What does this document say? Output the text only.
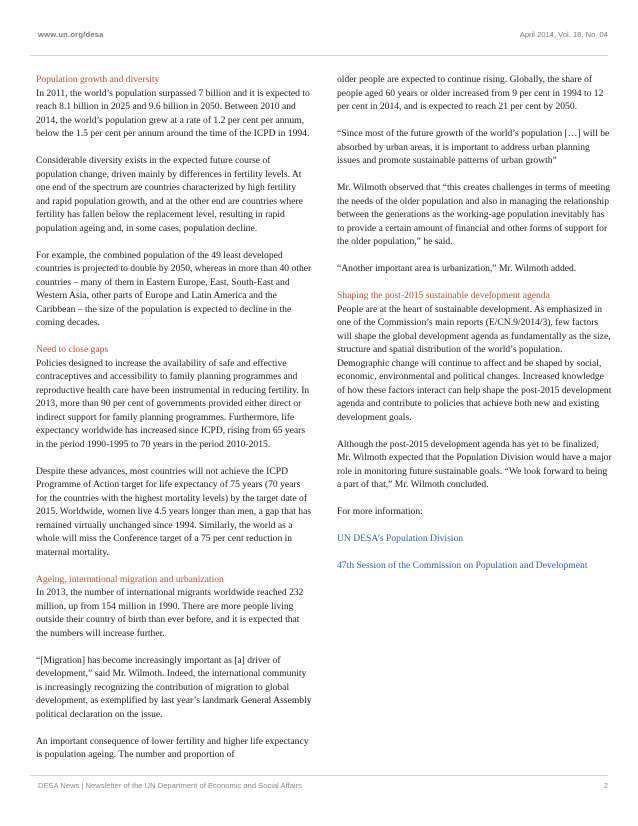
www.un.org/desa	April 2014, Vol. 18, No. 04

Population growth and diversity
In 2011, the world’s population surpassed 7 billion and it is expected to reach 8.1 billion in 2025 and 9.6 billion in 2050. Between 2010 and 2014, the world’s population grew at a rate of 1.2 per cent per annum, below the 1.5 per cent per annum around the time of the ICPD in 1994.

Considerable diversity exists in the expected future course of population change, driven mainly by differences in fertility levels. At one end of the spectrum are countries characterized by high fertility and rapid population growth, and at the other end are countries where fertility has fallen below the replacement level, resulting in rapid population ageing and, in some cases, population decline.

For example, the combined population of the 49 least developed countries is projected to double by 2050, whereas in more than 40 other countries – many of them in Eastern Europe, East, South-East and Western Asia, other parts of Europe and Latin America and the Caribbean – the size of the population is expected to decline in the coming decades.

Need to close gaps
Policies designed to increase the availability of safe and effective contraceptives and accessibility to family planning programmes and reproductive health care have been instrumental in reducing fertility. In 2013, more than 90 per cent of governments provided either direct or indirect support for family planning programmes. Furthermore, life expectancy worldwide has increased since ICPD, rising from 65 years in the period 1990-1995 to 70 years in the period 2010-2015.

Despite these advances, most countries will not achieve the ICPD Programme of Action target for life expectancy of 75 years (70 years for the countries with the highest mortality levels) by the target date of 2015. Worldwide, women live 4.5 years longer than men, a gap that has remained virtually unchanged since 1994. Similarly, the world as a whole will miss the Conference target of a 75 per cent reduction in maternal mortality.

Ageing, international migration and urbanization
In 2013, the number of international migrants worldwide reached 232 million, up from 154 million in 1990. There are more people living outside their country of birth than ever before, and it is expected that the numbers will increase further.

“[Migration] has become increasingly important as [a] driver of development,” said Mr. Wilmoth. Indeed, the international community is increasingly recognizing the contribution of migration to global development, as exemplified by last year’s landmark General Assembly political declaration on the issue.

An important consequence of lower fertility and higher life expectancy is population ageing. The number and proportion of

older people are expected to continue rising. Globally, the share of people aged 60 years or older increased from 9 per cent in 1994 to 12 per cent in 2014, and is expected to reach 21 per cent by 2050.

“Since most of the future growth of the world’s population […] will be absorbed by urban areas, it is important to address urban planning issues and promote sustainable patterns of urban growth”

Mr. Wilmoth observed that “this creates challenges in terms of meeting the needs of the older population and also in managing the relationship between the generations as the working-age population inevitably has to provide a certain amount of financial and other forms of support for the older population,” he said.

“Another important area is urbanization,” Mr. Wilmoth added.

Shaping the post-2015 sustainable development agenda
People are at the heart of sustainable development. As emphasized in one of the Commission’s main reports (E/CN.9/2014/3), few factors will shape the global development agenda as fundamentally as the size, structure and spatial distribution of the world’s population. Demographic change will continue to affect and be shaped by social, economic, environmental and political changes. Increased knowledge of how these factors interact can help shape the post-2015 development agenda and contribute to policies that achieve both new and existing development goals.

Although the post-2015 development agenda has yet to be finalized, Mr. Wilmoth expected that the Population Division would have a major role in monitoring future sustainable goals. “We look forward to being a part of that,” Mr. Wilmoth concluded.

For more information:

UN DESA’s Population Division

47th Session of the Commission on Population and Development

DESA News | Newsletter of the UN Department of Economic and Social Affairs	2
